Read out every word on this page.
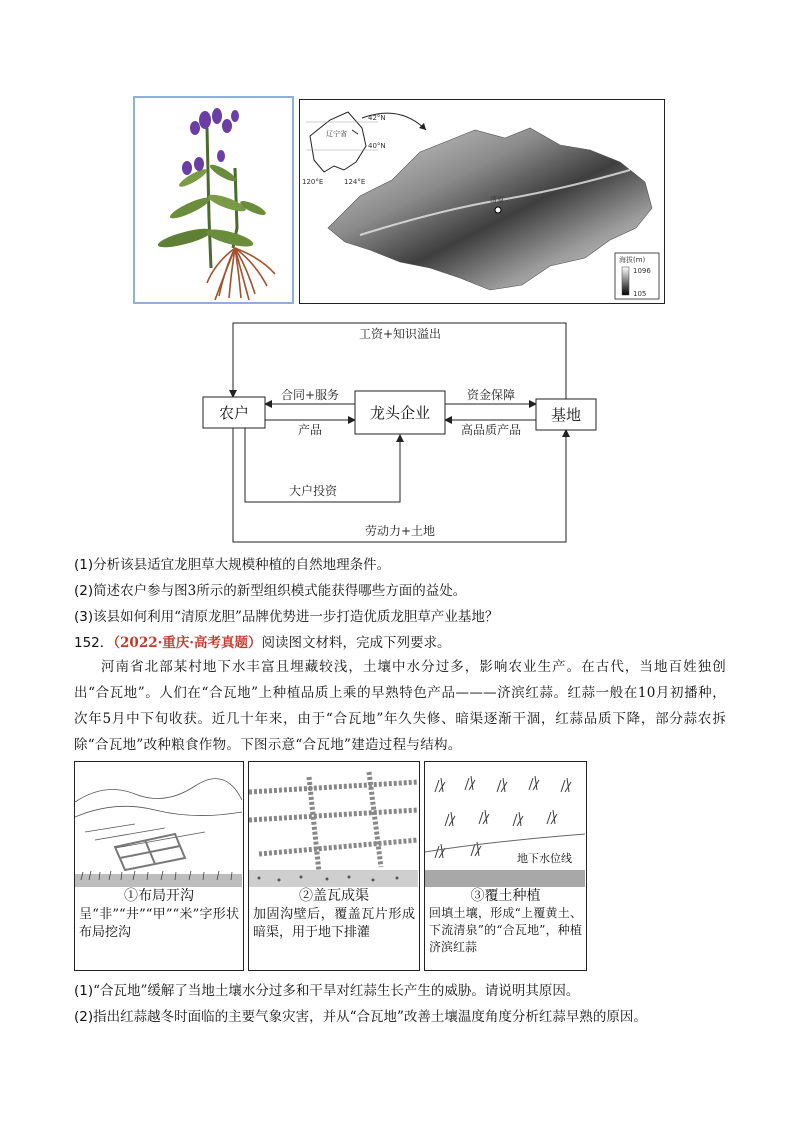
清原
辽宁省
42°N
40°N
120°E	124°E
海拔(m)
1096
105
农户	龙头企业	基地
工资+知识溢出
合同+服务
产品
资金保障
高品质产品
大户投资
劳动力+土地
(1)分析该县适宜龙胆草大规模种植的自然地理条件。
(2)简述农户参与图3所示的新型组织模式能获得哪些方面的益处。
(3)该县如何利用“清原龙胆”品牌优势进一步打造优质龙胆草产业基地？
152．（2022·重庆·高考真题）阅读图文材料，完成下列要求。
河南省北部某村地下水丰富且埋藏较浅，土壤中水分过多，影响农业生产。在古代，当地百姓独创出“合瓦地”。人们在“合瓦地”上种植品质上乘的早熟特色产品———济滨红蒜。红蒜一般在10月初播种，次年5月中下旬收获。近几十年来，由于“合瓦地”年久失修、暗渠逐渐干涸，红蒜品质下降，部分蒜农拆除“合瓦地”改种粮食作物。下图示意“合瓦地”建造过程与结构。
①布局开沟
呈“非”“井”“甲”“米”字形状布局挖沟
②盖瓦成渠
加固沟壁后，覆盖瓦片形成暗渠，用于地下排灌
地下水位线
③覆土种植
回填土壤，形成“上覆黄土、下流清泉”的“合瓦地”，种植济滨红蒜
(1)“合瓦地”缓解了当地土壤水分过多和干旱对红蒜生长产生的威胁。请说明其原因。
(2)指出红蒜越冬时面临的主要气象灾害，并从“合瓦地”改善土壤温度角度分析红蒜早熟的原因。
